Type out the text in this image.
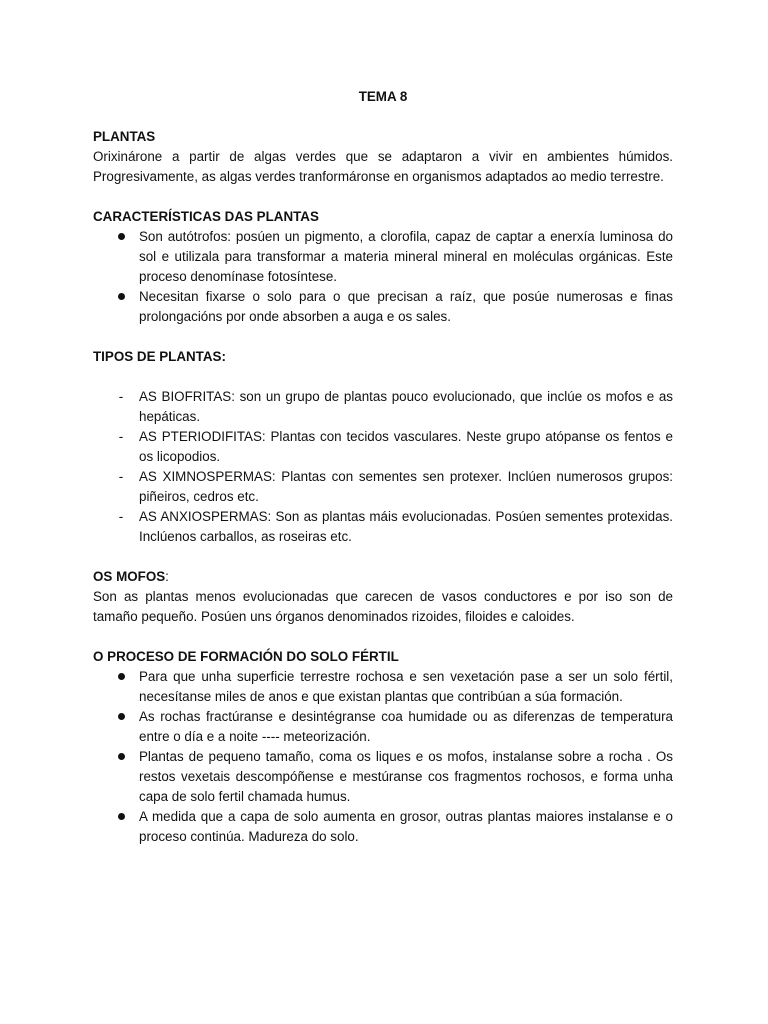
TEMA 8
PLANTAS

Orixinárone a partir de algas verdes que se adaptaron a vivir en ambientes húmidos. Progresivamente, as algas verdes tranformáronse en organismos adaptados ao medio terrestre.

CARACTERÍSTICAS DAS PLANTAS
Son autótrofos: posúen un pigmento, a clorofila, capaz de captar a enerxía luminosa do sol e utilizala para transformar a materia mineral mineral en moléculas orgánicas. Este proceso denomínase fotosíntese.
Necesitan fixarse o solo para o que precisan a raíz, que posúe numerosas e finas prolongacións por onde absorben a auga e os sales.
TIPOS DE PLANTAS:
-	AS BIOFRITAS: son un grupo de plantas pouco evolucionado, que inclúe os mofos e as hepáticas.
-	AS PTERIODIFITAS: Plantas con tecidos vasculares. Neste grupo atópanse os fentos e os licopodios.
-	AS XIMNOSPERMAS: Plantas con sementes sen protexer. Inclúen numerosos grupos: piñeiros, cedros etc.
-	AS ANXIOSPERMAS: Son as plantas máis evolucionadas. Posúen sementes protexidas. Inclúenos carballos, as roseiras etc.
OS MOFOS:

Son as plantas menos evolucionadas que carecen de vasos conductores e por iso son de tamaño pequeño. Posúen uns órganos denominados rizoides, filoides e caloides.

O PROCESO DE FORMACIÓN DO SOLO FÉRTIL
Para que unha superficie terrestre rochosa e sen vexetación pase a ser un solo fértil, necesítanse miles de anos e que existan plantas que contribúan a súa formación.
As rochas fractúranse e desintégranse coa humidade ou as diferenzas de temperatura entre o día e a noite ---- meteorización.
Plantas de pequeno tamaño, coma os liques e os mofos, instalanse sobre a rocha . Os restos vexetais descompóñense e mestúranse cos fragmentos rochosos, e forma unha capa de solo fertil chamada humus.
A medida que a capa de solo aumenta en grosor, outras plantas maiores instalanse e o proceso continúa. Madureza do solo.
